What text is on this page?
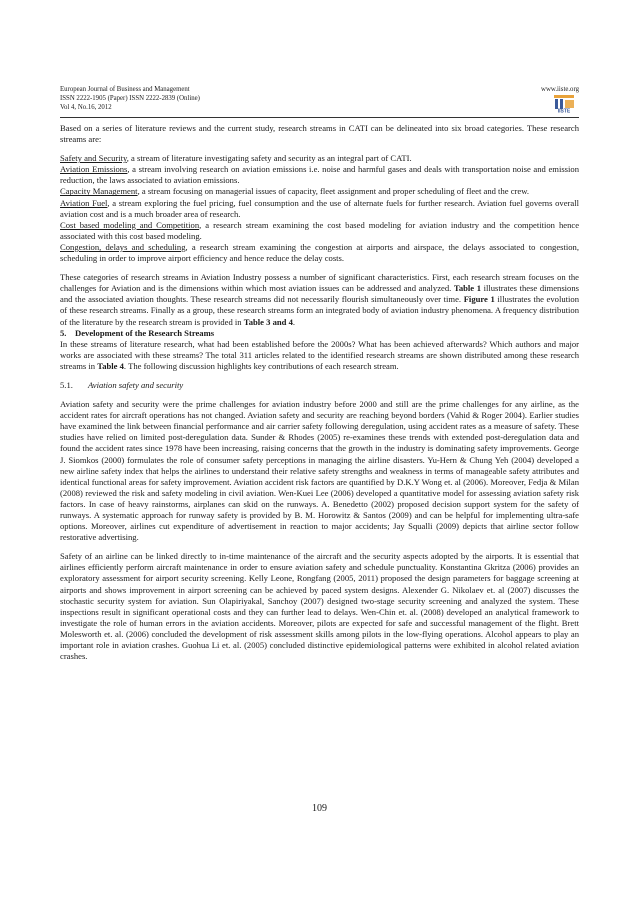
European Journal of Business and Management
ISSN 2222-1905 (Paper) ISSN 2222-2839 (Online)
Vol 4, No.16, 2012
www.iiste.org
IISTE

Based on a series of literature reviews and the current study, research streams in CATI can be delineated into six broad categories. These research streams are:

Safety and Security, a stream of literature investigating safety and security as an integral part of CATI.

Aviation Emissions, a stream involving research on aviation emissions i.e. noise and harmful gases and deals with transportation noise and emission reduction, the laws associated to aviation emissions.

Capacity Management, a stream focusing on managerial issues of capacity, fleet assignment and proper scheduling of fleet and the crew.

Aviation Fuel, a stream exploring the fuel pricing, fuel consumption and the use of alternate fuels for further research. Aviation fuel governs overall aviation cost and is a much broader area of research.

Cost based modeling and Competition, a research stream examining the cost based modeling for aviation industry and the competition hence associated with this cost based modeling.

Congestion, delays and scheduling, a research stream examining the congestion at airports and airspace, the delays associated to congestion, scheduling in order to improve airport efficiency and hence reduce the delay costs.

These categories of research streams in Aviation Industry possess a number of significant characteristics. First, each research stream focuses on the challenges for Aviation and is the dimensions within which most aviation issues can be addressed and analyzed. Table 1 illustrates these dimensions and the associated aviation thoughts. These research streams did not necessarily flourish simultaneously over time. Figure 1 illustrates the evolution of these research streams. Finally as a group, these research streams form an integrated body of aviation industry phenomena. A frequency distribution of the literature by the research stream is provided in Table 3 and 4.

5.    Development of the Research Streams

In these streams of literature research, what had been established before the 2000s? What has been achieved afterwards? Which authors and major works are associated with these streams? The total 311 articles related to the identified research streams are shown distributed among these research streams in Table 4. The following discussion highlights key contributions of each research stream.

5.1.	Aviation safety and security

Aviation safety and security were the prime challenges for aviation industry before 2000 and still are the prime challenges for any airline, as the accident rates for aircraft operations has not changed. Aviation safety and security are reaching beyond borders (Vahid & Roger 2004). Earlier studies have examined the link between financial performance and air carrier safety following deregulation, using accident rates as a measure of safety. These studies have relied on limited post-deregulation data. Sunder & Rhodes (2005) re-examines these trends with extended post-deregulation data and found the accident rates since 1978 have been increasing, raising concerns that the growth in the industry is dominating safety improvements. George J. Siomkos (2000) formulates the role of consumer safety perceptions in managing the airline disasters. Yu-Hern & Chung Yeh (2004) developed a new airline safety index that helps the airlines to understand their relative safety strengths and weakness in terms of manageable safety attributes and identical functional areas for safety improvement. Aviation accident risk factors are quantified by D.K.Y Wong et. al (2006). Moreover, Fedja & Milan (2008) reviewed the risk and safety modeling in civil aviation. Wen-Kuei Lee (2006) developed a quantitative model for assessing aviation safety risk factors. In case of heavy rainstorms, airplanes can skid on the runways. A. Benedetto (2002) proposed decision support system for the safety of runways. A systematic approach for runway safety is provided by B. M. Horowitz & Santos (2009) and can be helpful for implementing ultra-safe options. Moreover, airlines cut expenditure of advertisement in reaction to major accidents; Jay Squalli (2009) depicts that airline sector follow restorative advertising.

Safety of an airline can be linked directly to in-time maintenance of the aircraft and the security aspects adopted by the airports. It is essential that airlines efficiently perform aircraft maintenance in order to ensure aviation safety and schedule punctuality. Konstantina Gkritza (2006) provides an exploratory assessment for airport security screening. Kelly Leone, Rongfang (2005, 2011) proposed the design parameters for baggage screening at airports and shows improvement in airport screening can be achieved by paced system designs. Alexender G. Nikolaev et. al (2007) discusses the stochastic security system for aviation. Sun Olapiriyakal, Sanchoy (2007) designed two-stage security screening and analyzed the system. These inspections result in significant operational costs and they can further lead to delays. Wen-Chin et. al. (2008) developed an analytical framework to investigate the role of human errors in the aviation accidents. Moreover, pilots are expected for safe and successful management of the flight. Brett Molesworth et. al. (2006) concluded the development of risk assessment skills among pilots in the low-flying operations. Alcohol appears to play an important role in aviation crashes. Guohua Li et. al. (2005) concluded distinctive epidemiological patterns were exhibited in alcohol related aviation crashes.

109
